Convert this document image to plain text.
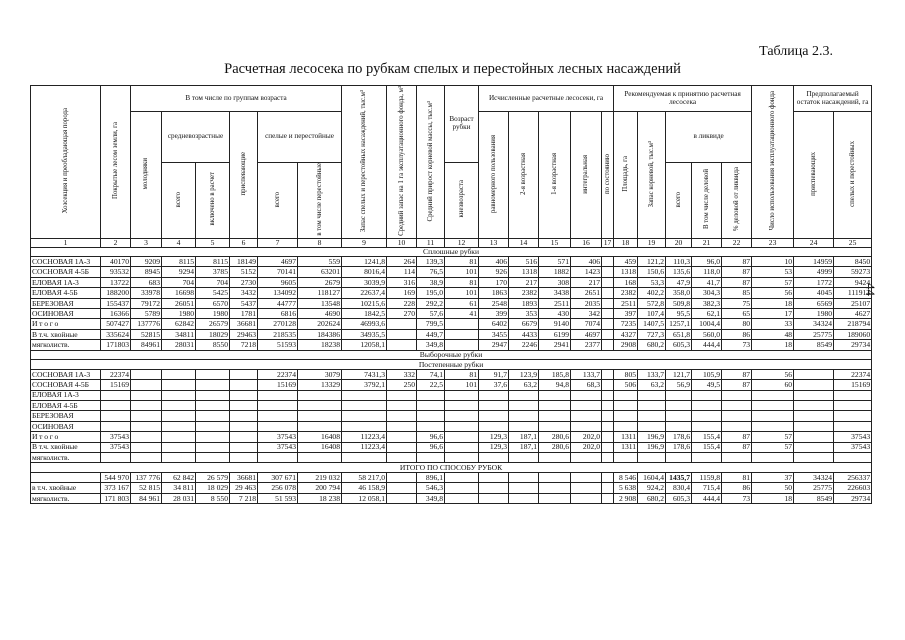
Таблица 2.3.
Расчетная лесосека по рубкам спелых и перестойных лесных насаждений
44
Хозсекция и преобладающая порода	Покрытые лесом земли, га	В том числе по группам возраста						Запас спелых и перестойных насаждений, тыс.м³	Средний запас на 1 га эксплуатационного фонда, м³	Средний прирост корневой массы, тыс.м³	Возраст рубки	Исчисленные расчетные лесосеки, га					Рекомендуемая к принятию расчетная лесосека					Число использования эксплуатационного фонда	Предполагаемый остаток насаждений, га	
		молодняки	средневозрастные		приспевающие	спелые и перестойные						равномерного пользования	2-я возрастная	1-я возрастная	интегральная	по состоянию	Площадь, га	Запас корневой, тыс.м³	в ликвиде				приспевающих	спелых и перестойных
			всего	включено в расчет		всего	в том числе перестойные				кнезвозраста								всего	В том числе деловой	% деловой от ликвида			
1	2	3	4	5	6	7	8	9	10	11	12	13	14	15	16	17	18	19	20	21	22	23	24	25
Сплошные рубки																								
СОСНОВАЯ 1А-3	40170	9209	8115	8115	18149	4697	559	1241,8	264	139,3	81	406	516	571	406		459	121,2	110,3	96,0	87	10	14959	8450
СОСНОВАЯ 4-5Б	93532	8945	9294	3785	5152	70141	63201	8016,4	114	76,5	101	926	1318	1882	1423		1318	150,6	135,6	118,0	87	53	4999	59273
ЕЛОВАЯ 1А-3	13722	683	704	704	2730	9605	2679	3039,9	316	38,9	81	170	217	308	217		168	53,3	47,9	41,7	87	57	1772	9424
ЕЛОВАЯ 4-5Б	188200	33978	16698	5425	3432	134092	118127	22637,4	169	195,0	101	1863	2382	3438	2651		2382	402,2	358,0	304,3	85	56	4045	111913
БЕРЕЗОВАЯ	155437	79172	26051	6570	5437	44777	13548	10215,6	228	292,2	61	2548	1893	2511	2035		2511	572,8	509,8	382,3	75	18	6569	25107
ОСИНОВАЯ	16366	5789	1980	1980	1781	6816	4690	1842,5	270	57,6	41	399	353	430	342		397	107,4	95,5	62,1	65	17	1980	4627
И т о г о	507427	137776	62842	26579	36681	270128	202624	46993,6		799,5		6402	6679	9140	7074		7235	1407,5	1257,1	1004,4	80	33	34324	218794
В т.ч. хвойные	335624	52815	34811	18029	29463	218535	184386	34935,5		449,7		3455	4433	6199	4697		4327	727,3	651,8	560,0	86	48	25775	189060
мягколиств.	171803	84961	28031	8550	7218	51593	18238	12058,1		349,8		2947	2246	2941	2377		2908	680,2	605,3	444,4	73	18	8549	29734
Выборочные рубки																								
Постепенные рубки																								
СОСНОВАЯ 1А-3	22374					22374	3079	7431,3	332	74,1	81	91,7	123,9	185,8	133,7		805	133,7	121,7	105,9	87	56		22374
СОСНОВАЯ 4-5Б	15169					15169	13329	3792,1	250	22,5	101	37,6	63,2	94,8	68,3		506	63,2	56,9	49,5	87	60		15169
ЕЛОВАЯ 1А-3																								
ЕЛОВАЯ 4-5Б																								
БЕРЕЗОВАЯ																								
ОСИНОВАЯ																								
И т о г о	37543					37543	16408	11223,4		96,6		129,3	187,1	280,6	202,0		1311	196,9	178,6	155,4	87	57		37543
В т.ч. хвойные	37543					37543	16408	11223,4		96,6		129,3	187,1	280,6	202,0		1311	196,9	178,6	155,4	87	57		37543
мягколиств.																								
ИТОГО ПО СПОСОБУ РУБОК																								
	544 970	137 776	62 842	26 579	36681	307 671	219 032	58 217,0		896,1							8 546	1604,4	1435,7	1159,8	81	37	34324	256337
в т.ч. хвойные	373 167	52 815	34 811	18 029	29 463	256 078	200 794	46 158,9		546,3							5 638	924,2	830,4	715,4	86	50	25775	226603
мягколиств.	171 803	84 961	28 031	8 550	7 218	51 593	18 238	12 058,1		349,8							2 908	680,2	605,3	444,4	73	18	8549	29734
